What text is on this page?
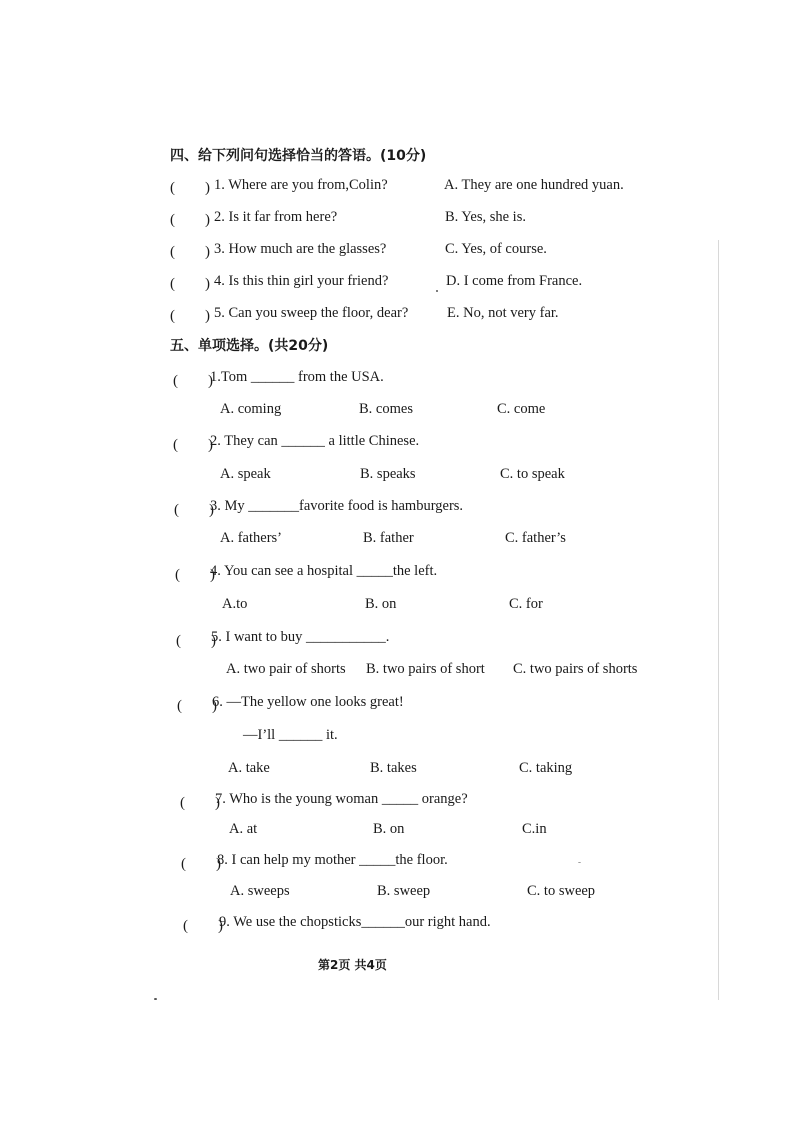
四、给下列问句选择恰当的答语。(10分)
(　　) 1. Where are you from,Colin?	A. They are one hundred yuan.
(　　) 2. Is it far from here?	B. Yes, she is.
(　　) 3. How much are the glasses?	C. Yes, of course.
(　　) 4. Is this thin girl your friend?	D. I come from France.
(　　) 5. Can you sweep the floor, dear?	E. No, not very far.
五、单项选择。(共20分)
(　　)
1.Tom ______ from the USA.
A. coming	B. comes	C. come
(　　)
2. They can ______ a little Chinese.
A. speak	B. speaks	C. to speak
(　　)
3. My _______favorite food is hamburgers.
A. fathers’	B. father	C. father’s
(　　)
4. You can see a hospital _____the left.
A.to	B. on	C. for
(　　)
5. I want to buy ___________.
A. two pair of shorts B. two pairs of short C. two pairs of shorts
(　　)
6. —The yellow one looks great!
—I’ll ______ it.
A. take	B. takes	C. taking
(　　)
7. Who is the young woman _____ orange?
A. at	B. on	C.in
(　　)
8. I can help my mother _____the floor.
A. sweeps	B. sweep	C. to sweep
(　　)
9. We use the chopsticks______our right hand.
第2页 共4页
